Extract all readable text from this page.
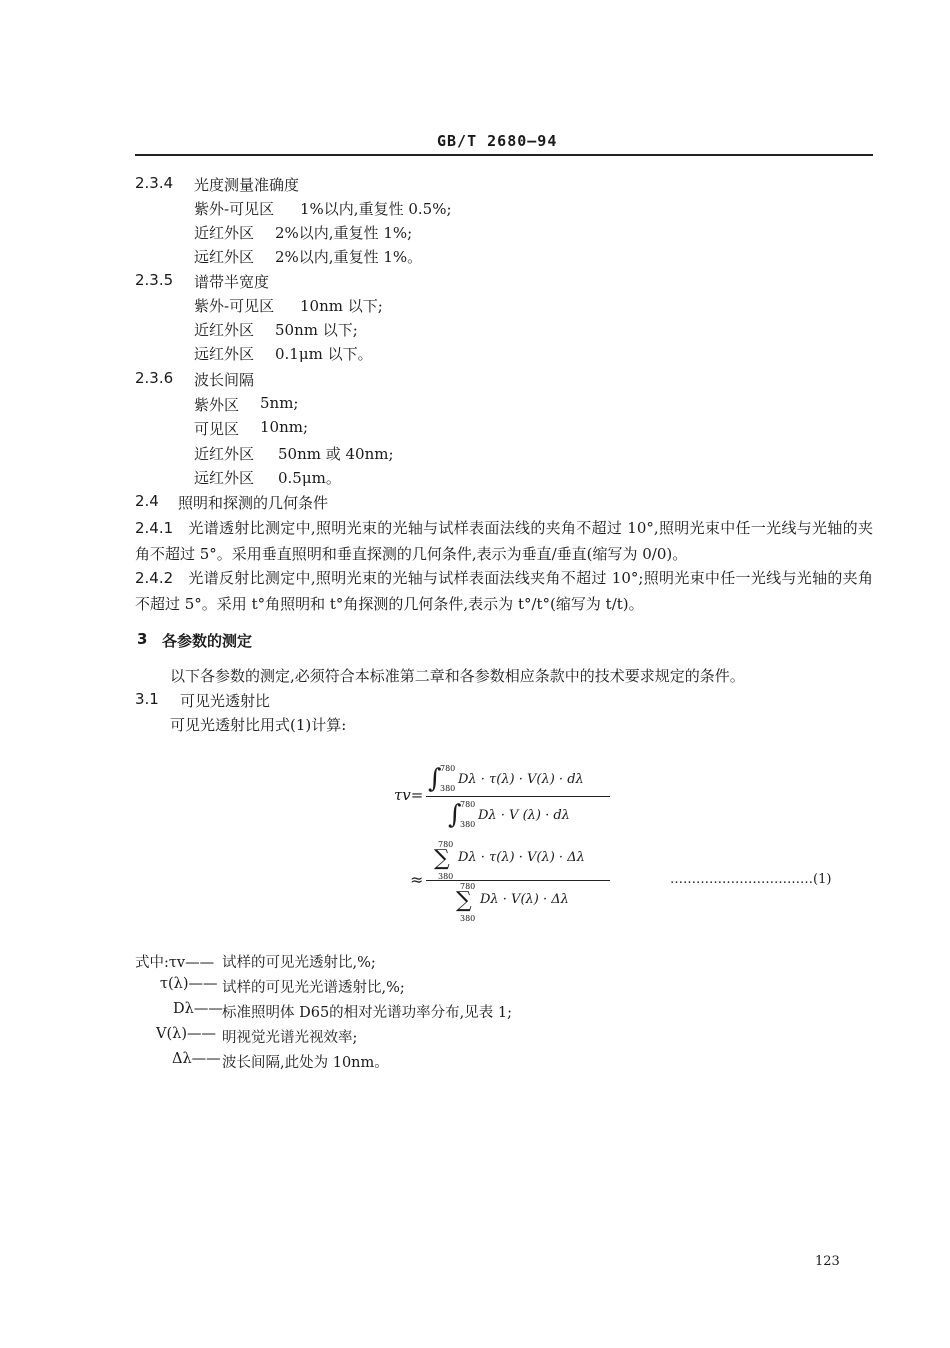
GB/T 2680—94
2.3.4 光度测量准确度
紫外-可见区 1%以内,重复性 0.5%;
近红外区 2%以内,重复性 1%;
远红外区 2%以内,重复性 1%。
2.3.5 谱带半宽度
紫外-可见区 10nm 以下;
近红外区 50nm 以下;
远红外区 0.1μm 以下。
2.3.6 波长间隔
紫外区 5nm;
可见区 10nm;
近红外区 50nm 或 40nm;
远红外区 0.5μm。
2.4 照明和探测的几何条件
2.4.1 光谱透射比测定中,照明光束的光轴与试样表面法线的夹角不超过 10°,照明光束中任一光线与光轴的夹角不超过 5°。采用垂直照明和垂直探测的几何条件,表示为垂直/垂直(缩写为 0/0)。
2.4.2 光谱反射比测定中,照明光束的光轴与试样表面法线夹角不超过 10°;照明光束中任一光线与光轴的夹角不超过 5°。采用 t°角照明和 t°角探测的几何条件,表示为 t°/t°(缩写为 t/t)。
3 各参数的测定
以下各参数的测定,必须符合本标准第二章和各参数相应条款中的技术要求规定的条件。
3.1 可见光透射比
可见光透射比用式(1)计算:
τv=
∫
780
380
Dλ · τ(λ) · V(λ) · dλ
∫
780
380
Dλ · V (λ) · dλ
≈
780
∑
380
Dλ · τ(λ) · V(λ) · Δλ
780
∑
380
Dλ · V(λ) · Δλ
……………………………(1)
式中:τv—— 试样的可见光透射比,%;
τ(λ)—— 试样的可见光光谱透射比,%;
Dλ—— 标准照明体 D65的相对光谱功率分布,见表 1;
V(λ)—— 明视觉光谱光视效率;
Δλ—— 波长间隔,此处为 10nm。
123
